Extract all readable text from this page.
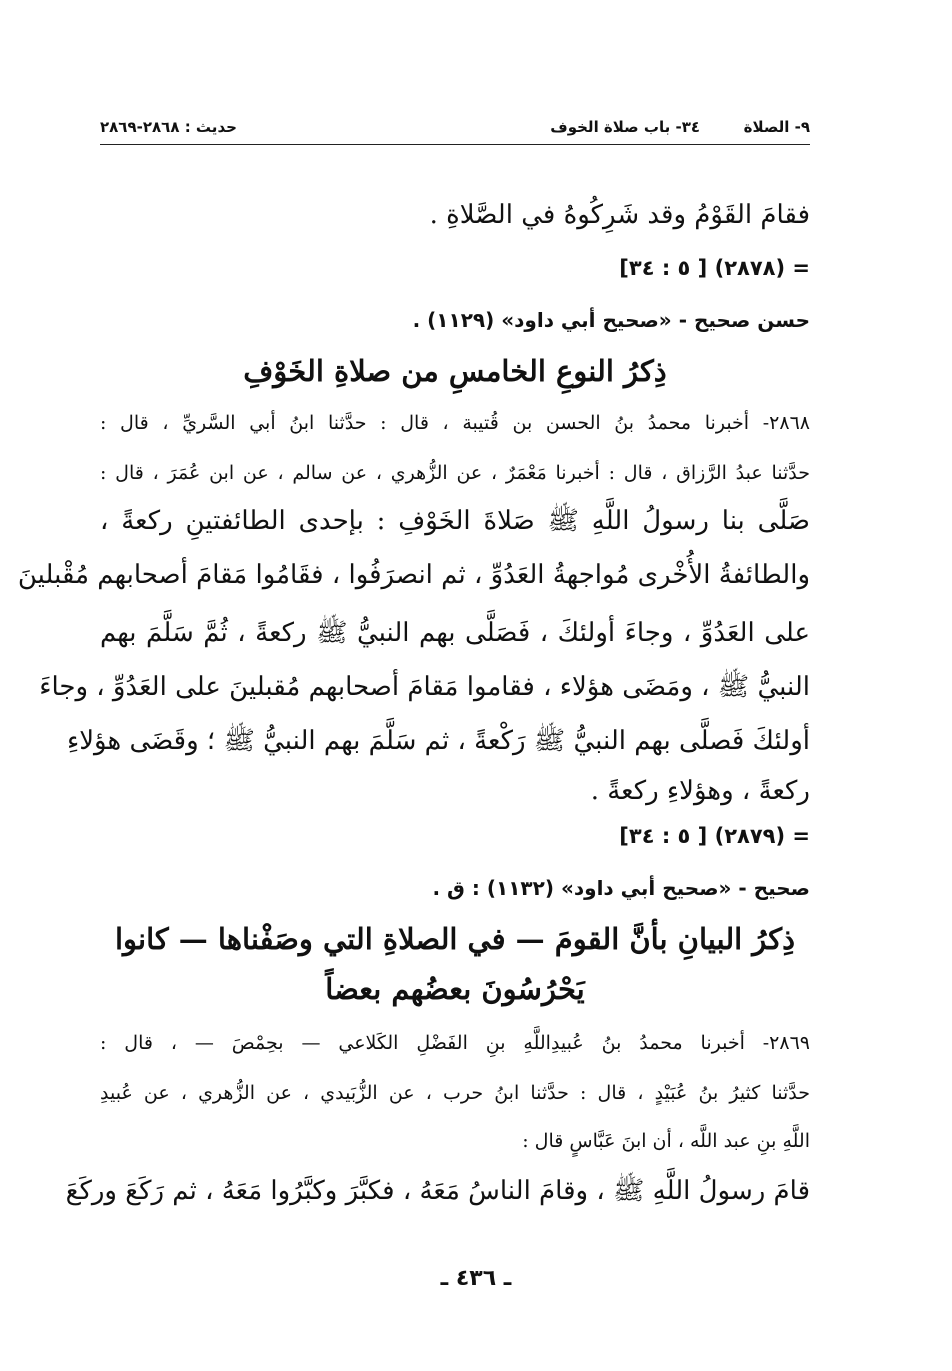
٩- الصلاة
٣٤- باب صلاة الخوف
حديث : ٢٨٦٨-٢٨٦٩
فقامَ القَوْمُ وقد شَرِكُوهُ في الصَّلاةِ .
= (٢٨٧٨) [ ٥ : ٣٤]
حسن صحيح - «صحيح أبي داود» (١١٢٩) .
ذِكرُ النوعِ الخامسِ من صلاةِ الخَوْفِ
٢٨٦٨- أخبرنا محمدُ بنُ الحسن بن قُتيبة ، قال : حدَّثنا ابنُ أبي السَّريِّ ، قال :
حدَّثنا عبدُ الرَّزاق ، قال : أخبرنا مَعْمَرٌ ، عن الزُّهري ، عن سالم ، عن ابن عُمَرَ ، قال :
صَلَّى بنا رسولُ اللَّهِ ﷺ صَلاةَ الخَوْفِ : بإحدى الطائفتينِ ركعةً ،
والطائفةُ الأُخْرى مُواجهةُ العَدُوِّ ، ثم انصرَفُوا ، فقَامُوا مَقامَ أصحابهم مُقْبلينَ
على العَدُوِّ ، وجاءَ أولئكَ ، فَصَلَّى بهم النبيُّ ﷺ ركعةً ، ثُمَّ سَلَّمَ بهم
النبيُّ ﷺ ، ومَضَى هؤلاء ، فقاموا مَقامَ أصحابهم مُقبلينَ على العَدُوِّ ، وجاءَ
أولئكَ فَصلَّى بهم النبيُّ ﷺ رَكْعةً ، ثم سَلَّمَ بهم النبيُّ ﷺ ؛ وقَضَى هؤلاءِ
ركعةً ، وهؤلاءِ ركعةً .
= (٢٨٧٩) [ ٥ : ٣٤]
صحيح - «صحيح أبي داود» (١١٣٢) : ق .
ذِكرُ البيانِ بأنَّ القومَ — في الصلاةِ التي وصَفْناها — كانوا
يَحْرُسُونَ بعضُهم بعضاً
٢٨٦٩- أخبرنا محمدُ بنُ عُبيدِاللَّهِ بنِ الفَضْلِ الكَلاعي — بحِمْصَ — ، قال :
حدَّثنا كثيرُ بنُ عُبَيْدٍ ، قال : حدَّثنا ابنُ حرب ، عن الزُّبَيدي ، عن الزُّهري ، عن عُبيدِ
اللَّهِ بنِ عبد اللَّه ، أن ابنَ عَبَّاسٍ قال :
قامَ رسولُ اللَّهِ ﷺ ، وقامَ الناسُ مَعَهُ ، فكبَّرَ وكبَّرُوا مَعَهُ ، ثم رَكَعَ وركَعَ
ـ ٤٣٦ ـ
